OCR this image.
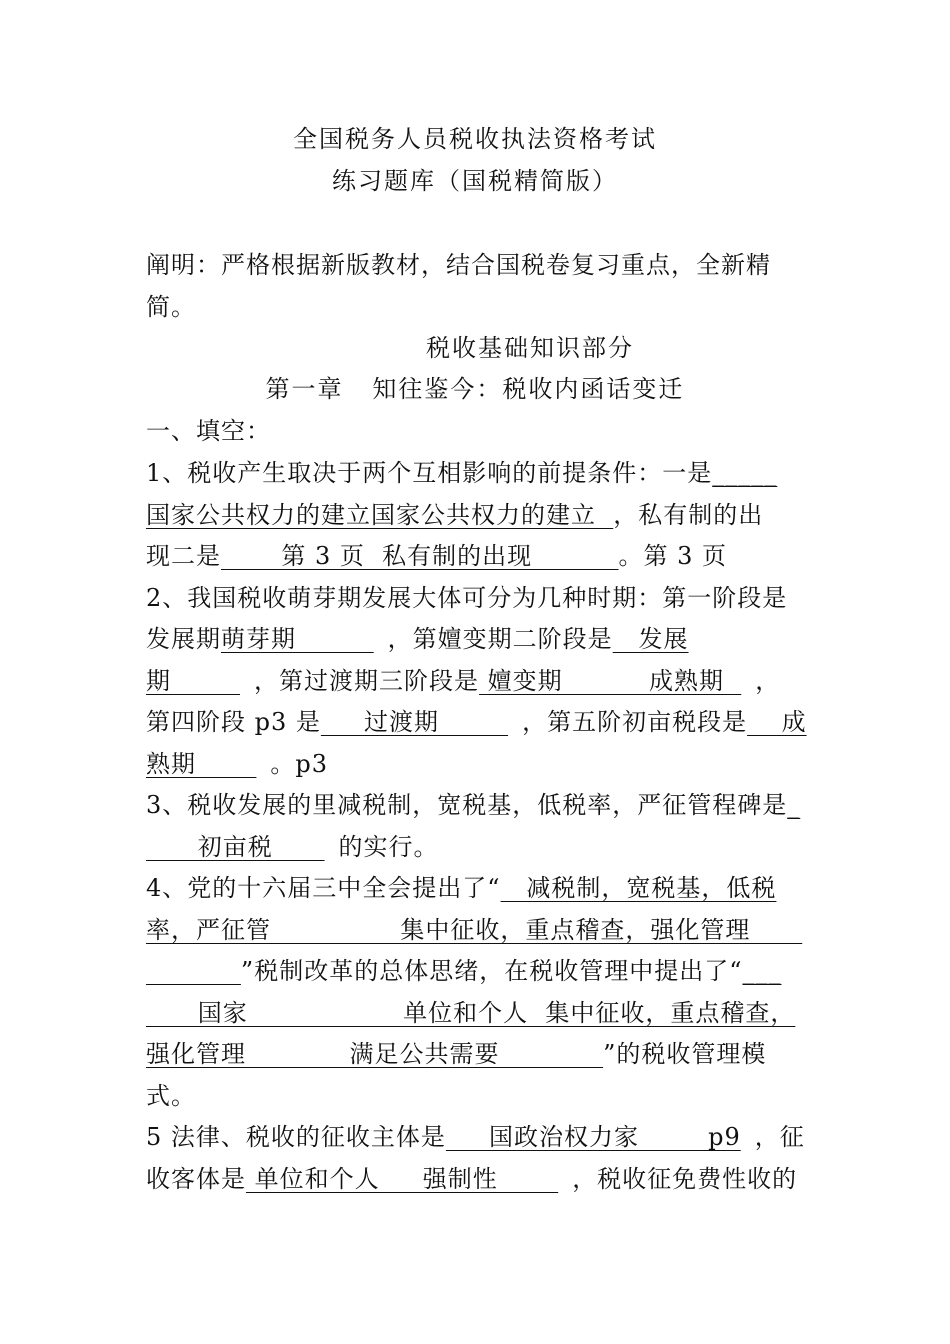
全国税务人员税收执法资格考试
练习题库（国税精简版）
阐明：严格根据新版教材，结合国税卷复习重点，全新精
简。
税收基础知识部分
第一章   知往鉴今：税收内函话变迁
一、填空：
1、税收产生取决于两个互相影响的前提条件：一是_____
国家公共权力的建立国家公共权力的建立  ，私有制的出
现二是       第 3 页  私有制的出现          。第 3 页
2、我国税收萌芽期发展大体可分为几种时期：第一阶段是
发展期萌芽期         ，第嬗变期二阶段是   发展
期        ，第过渡期三阶段是 嬗变期          成熟期  ，
第四阶段 p3 是     过渡期        ，第五阶初亩税段是    成
熟期       。p3
3、税收发展的里减税制，宽税基，低税率，严征管程碑是_
初亩税      的实行。
4、党的十六届三中全会提出了“   减税制，宽税基，低税
率，严征管               集中征收，重点稽查，强化管理
”税制改革的总体思绪，在税收管理中提出了“___
国家                  单位和个人  集中征收，重点稽查，
强化管理            满足公共需要            ”的税收管理模
式。
5 法律、税收的征收主体是     国政治权力家        p9 ，征
收客体是 单位和个人     强制性       ，税收征免费性收的
